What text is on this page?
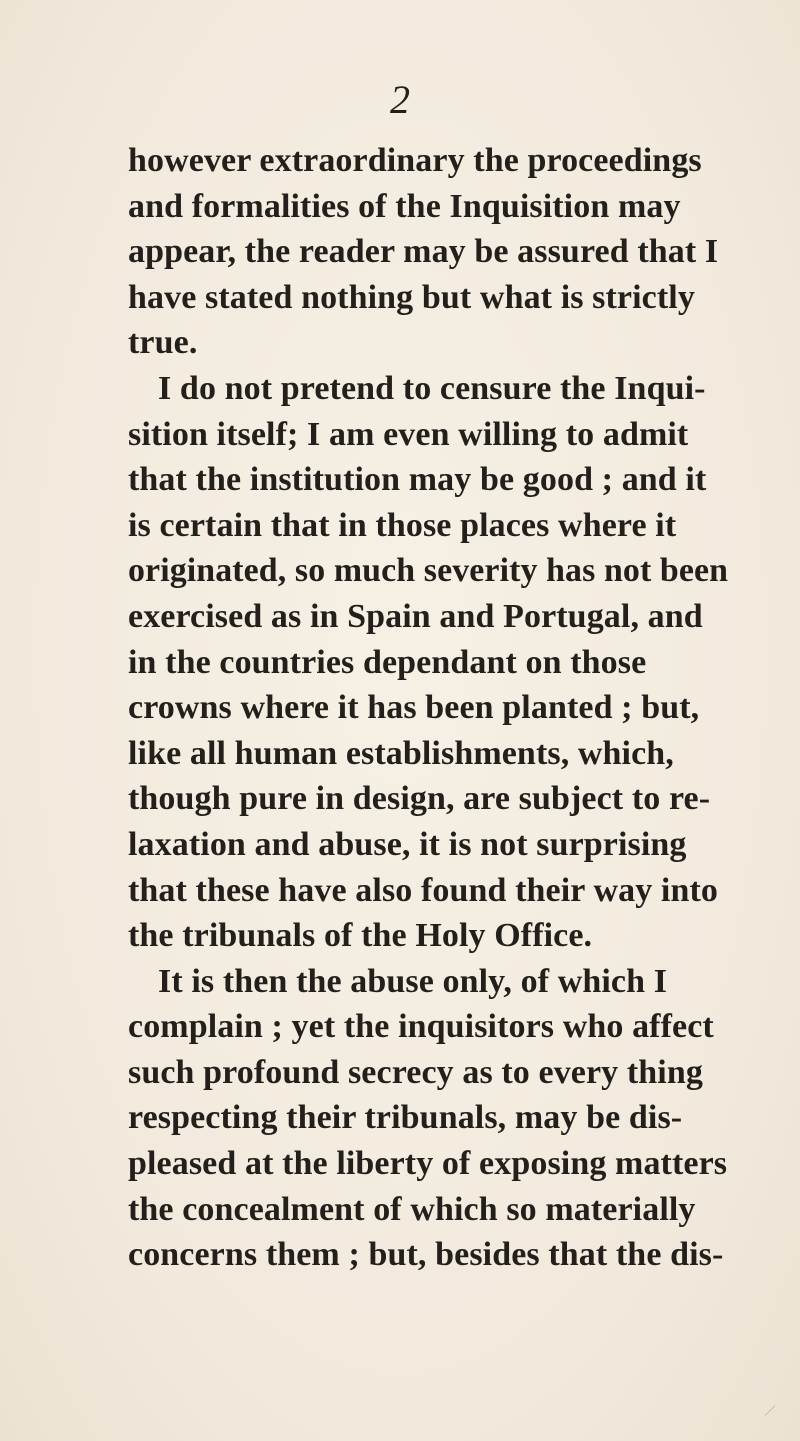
2
however extraordinary the proceedings
and formalities of the Inquisition may
appear, the reader may be assured that I
have stated nothing but what is strictly
true.
I do not pretend to censure the Inqui-
sition itself; I am even willing to admit
that the institution may be good ; and it
is certain that in those places where it
originated, so much severity has not been
exercised as in Spain and Portugal, and
in the countries dependant on those
crowns where it has been planted ; but,
like all human establishments, which,
though pure in design, are subject to re-
laxation and abuse, it is not surprising
that these have also found their way into
the tribunals of the Holy Office.
It is then the abuse only, of which I
complain ; yet the inquisitors who affect
such profound secrecy as to every thing
respecting their tribunals, may be dis-
pleased at the liberty of exposing matters
the concealment of which so materially
concerns them ; but, besides that the dis-
